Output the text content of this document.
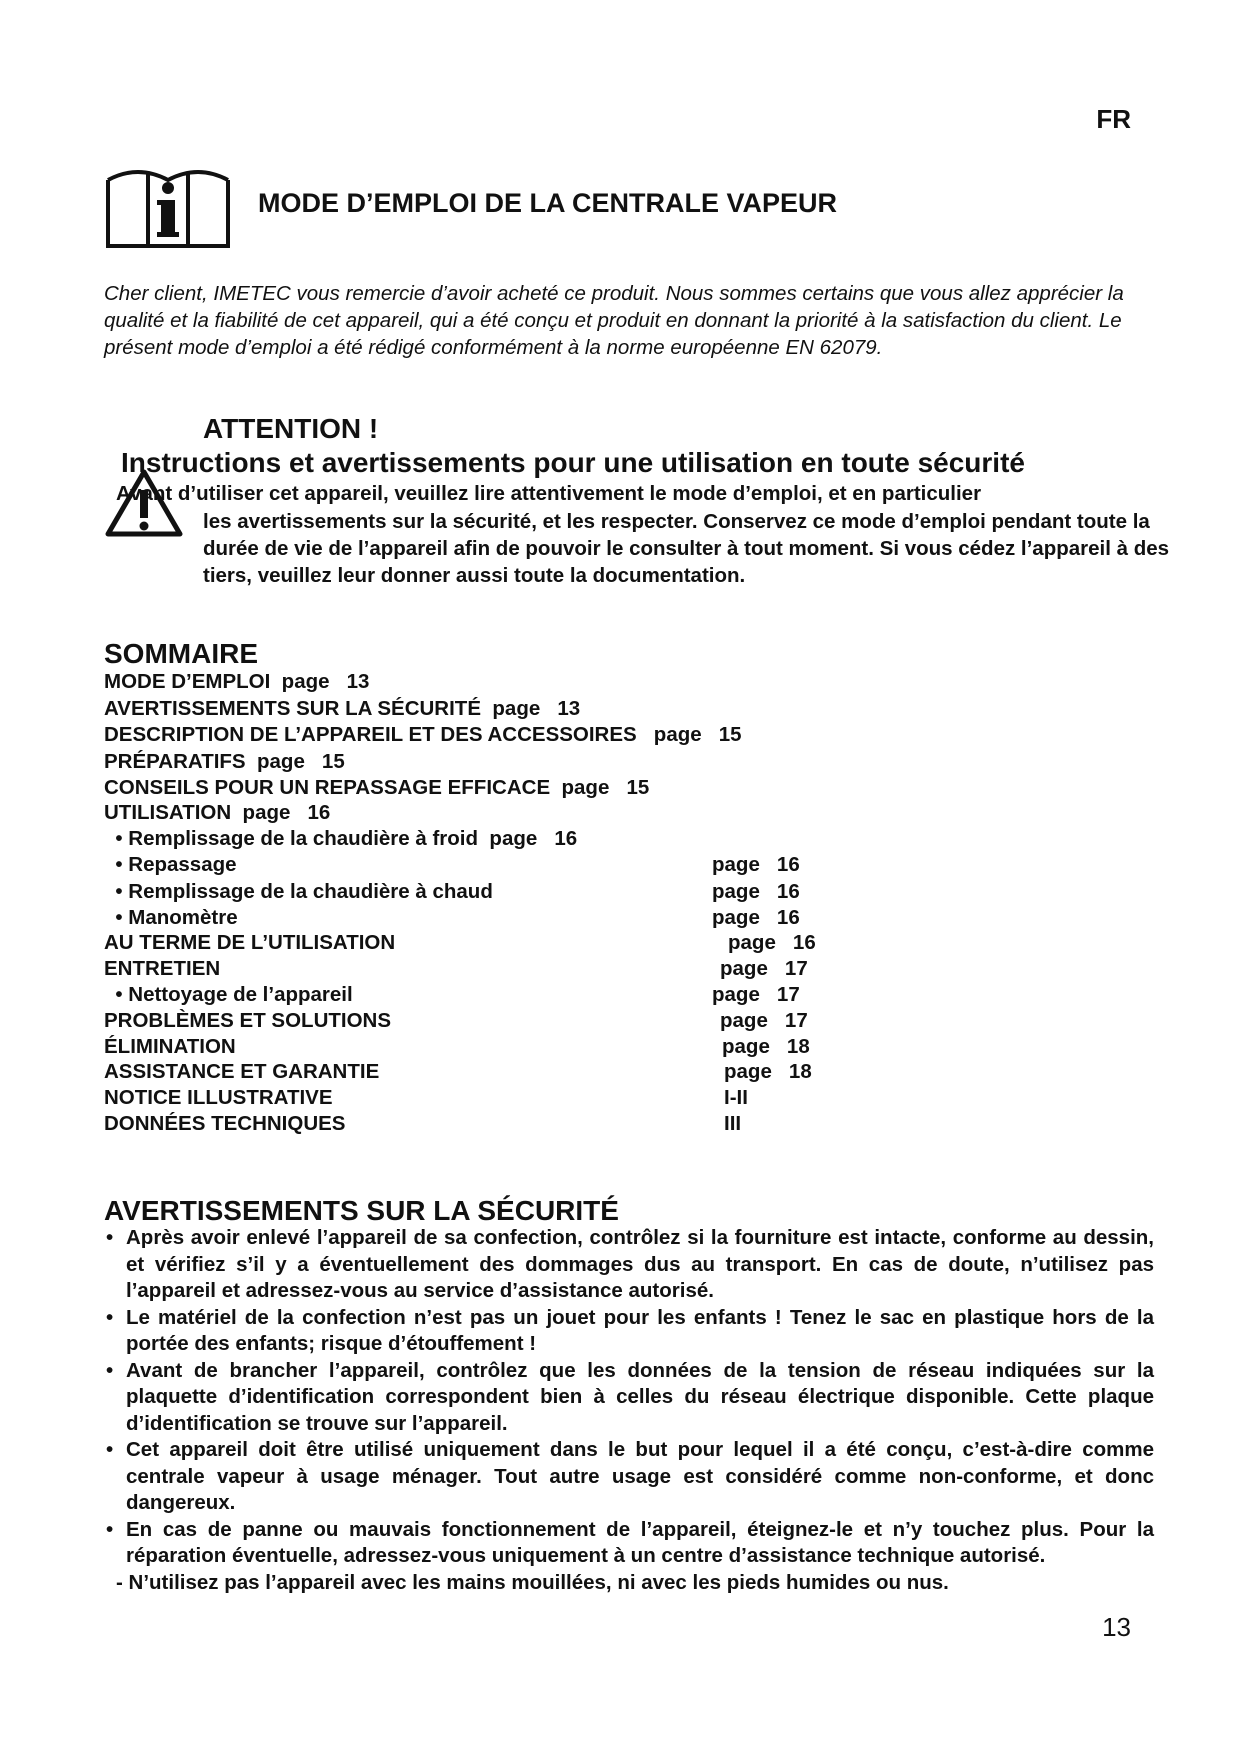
FR
MODE D’EMPLOI DE LA CENTRALE VAPEUR
Cher client, IMETEC vous remercie d’avoir acheté ce produit. Nous sommes certains que vous allez apprécier la qualité et la fiabilité de cet appareil, qui a été conçu et produit en donnant la priorité à la satisfaction du client. Le présent mode d’emploi a été rédigé conformément à la norme européenne EN 62079.
ATTENTION !
Instructions et avertissements pour une utilisation en toute sécurité
Avant d’utiliser cet appareil, veuillez lire attentivement le mode d’emploi, et en particulier
les avertissements sur la sécurité, et les respecter. Conservez ce mode d’emploi pendant toute la durée de vie de l’appareil afin de pouvoir le consulter à tout moment. Si vous cédez l’appareil à des tiers, veuillez leur donner aussi toute la documentation.
SOMMAIRE
MODE D’EMPLOI  page   13
AVERTISSEMENTS SUR LA SÉCURITÉ  page   13
DESCRIPTION DE L’APPAREIL ET DES ACCESSOIRES   page   15
PRÉPARATIFS  page   15
CONSEILS POUR UN REPASSAGE EFFICACE  page   15
UTILISATION  page   16
• Remplissage de la chaudière à froid  page   16
• Repassage	page   16
• Remplissage de la chaudière à chaud	page   16
• Manomètre	page   16
AU TERME DE L’UTILISATION	page   16
ENTRETIEN	page   17
• Nettoyage de l’appareil	page   17
PROBLÈMES ET SOLUTIONS	page   17
ÉLIMINATION	page   18
ASSISTANCE ET GARANTIE	page   18
NOTICE ILLUSTRATIVE	I-II
DONNÉES TECHNIQUES	III
AVERTISSEMENTS SUR LA SÉCURITÉ
• Après avoir enlevé l’appareil de sa confection, contrôlez si la fourniture est intacte, conforme au dessin, et vérifiez s’il y a éventuellement des dommages dus au transport. En cas de doute, n’utilisez pas l’appareil et adressez-vous au service d’assistance autorisé.
• Le matériel de la confection n’est pas un jouet pour les enfants ! Tenez le sac en plastique hors de la portée des enfants; risque d’étouffement !
• Avant de brancher l’appareil, contrôlez que les données de la tension de réseau indiquées sur la plaquette d’identification correspondent bien à celles du réseau électrique disponible. Cette plaque d’identification se trouve sur l’appareil.
• Cet appareil doit être utilisé uniquement dans le but pour lequel il a été conçu, c’est-à-dire comme centrale vapeur à usage ménager. Tout autre usage est considéré comme non-conforme, et donc dangereux.
• En cas de panne ou mauvais fonctionnement de l’appareil, éteignez-le et n’y touchez plus. Pour la réparation éventuelle, adressez-vous uniquement à un centre d’assistance technique autorisé.
- N’utilisez pas l’appareil avec les mains mouillées, ni avec les pieds humides ou nus.
13
